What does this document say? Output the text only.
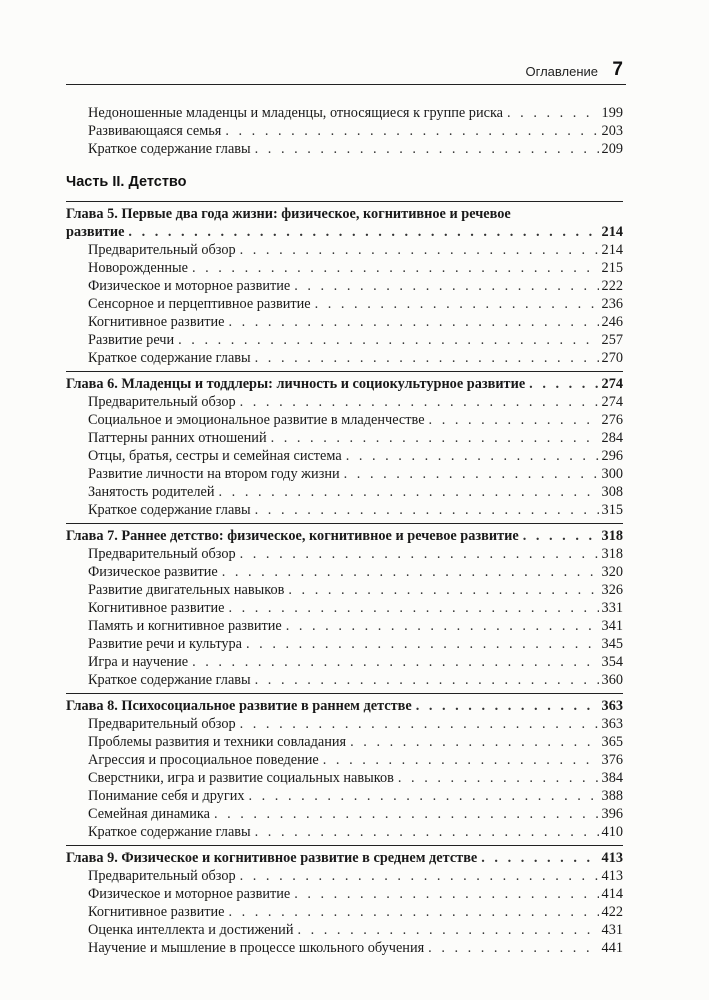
Оглавление 7
Недоношенные младенцы и младенцы, относящиеся к группе риска . . .	199
Развивающаяся семья . . .	203
Краткое содержание главы . . .	209
Часть II. Детство
Глава 5. Первые два года жизни: физическое, когнитивное и речевое
развитие . . .	214
Предварительный обзор . . .	214
Новорожденные . . .	215
Физическое и моторное развитие . . .	222
Сенсорное и перцептивное развитие . . .	236
Когнитивное развитие . . .	246
Развитие речи . . .	257
Краткое содержание главы . . .	270
Глава 6. Младенцы и тоддлеры: личность и социокультурное развитие . . .	274
Предварительный обзор . . .	274
Социальное и эмоциональное развитие в младенчестве . . .	276
Паттерны ранних отношений . . .	284
Отцы, братья, сестры и семейная система . . .	296
Развитие личности на втором году жизни . . .	300
Занятость родителей . . .	308
Краткое содержание главы . . .	315
Глава 7. Раннее детство: физическое, когнитивное и речевое развитие . . .	318
Предварительный обзор . . .	318
Физическое развитие . . .	320
Развитие двигательных навыков . . .	326
Когнитивное развитие . . .	331
Память и когнитивное развитие . . .	341
Развитие речи и культура . . .	345
Игра и научение . . .	354
Краткое содержание главы . . .	360
Глава 8. Психосоциальное развитие в раннем детстве . . .	363
Предварительный обзор . . .	363
Проблемы развития и техники совладания . . .	365
Агрессия и просоциальное поведение . . .	376
Сверстники, игра и развитие социальных навыков . . .	384
Понимание себя и других . . .	388
Семейная динамика . . .	396
Краткое содержание главы . . .	410
Глава 9. Физическое и когнитивное развитие в среднем детстве . . .	413
Предварительный обзор . . .	413
Физическое и моторное развитие . . .	414
Когнитивное развитие . . .	422
Оценка интеллекта и достижений . . .	431
Научение и мышление в процессе школьного обучения . . .	441
